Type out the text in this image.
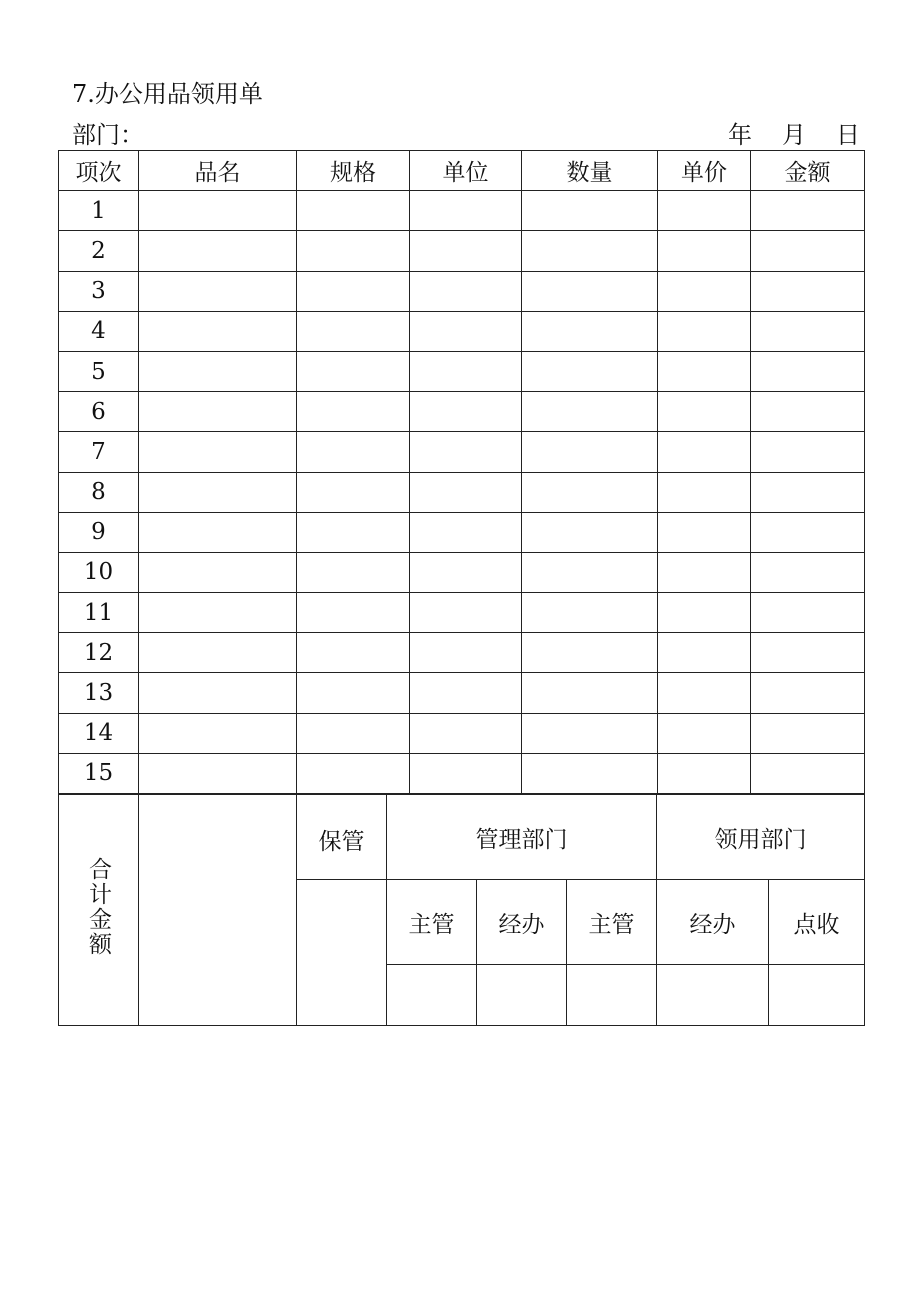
7.办公用品领用单
部门：	年 月 日
项次	品名	规格	单位	数量	单价	金额
1						
2						
3						
4						
5						
6						
7						
8						
9						
10						
11						
12						
13						
14						
15						
合计金额		保管	管理部门			领用部门	
			主管	经办	主管	经办	点收
